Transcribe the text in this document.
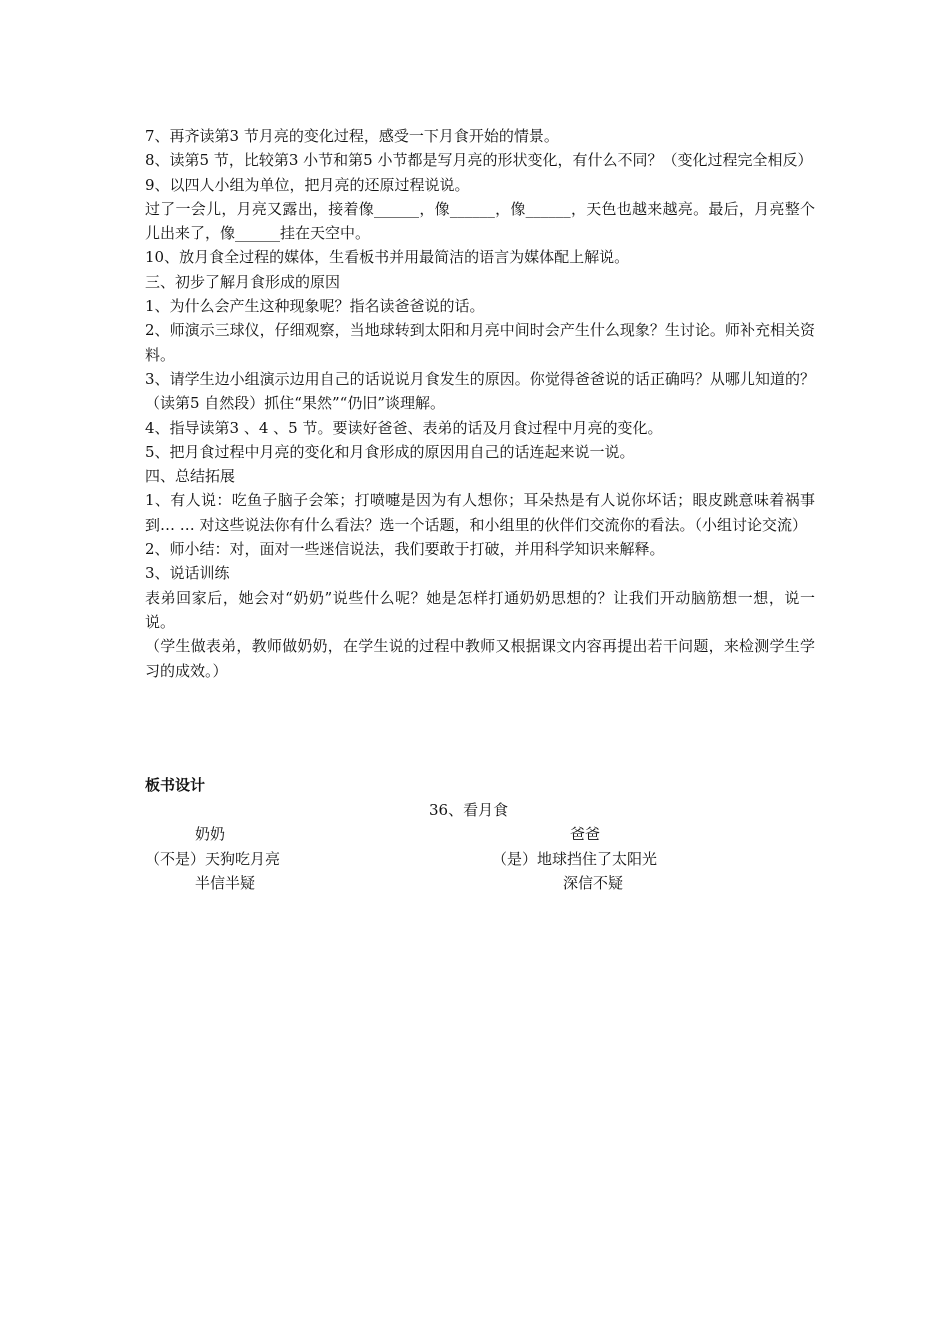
7、再齐读第3 节月亮的变化过程，感受一下月食开始的情景。

8、读第5 节，比较第3 小节和第5 小节都是写月亮的形状变化，有什么不同？（变化过程完全相反）

9、以四人小组为单位，把月亮的还原过程说说。

过了一会儿，月亮又露出，接着像______，像______，像______，天色也越来越亮。最后，月亮整个儿出来了，像______挂在天空中。

10、放月食全过程的媒体，生看板书并用最简洁的语言为媒体配上解说。

三、初步了解月食形成的原因

1、为什么会产生这种现象呢？指名读爸爸说的话。

2、师演示三球仪，仔细观察，当地球转到太阳和月亮中间时会产生什么现象？生讨论。师补充相关资料。

3、请学生边小组演示边用自己的话说说月食发生的原因。你觉得爸爸说的话正确吗？从哪儿知道的？（读第5 自然段）抓住“果然”“仍旧”谈理解。

4、指导读第3 、4 、5 节。要读好爸爸、表弟的话及月食过程中月亮的变化。

5、把月食过程中月亮的变化和月食形成的原因用自己的话连起来说一说。

四、总结拓展

1、有人说：吃鱼子脑子会笨；打喷嚏是因为有人想你；耳朵热是有人说你坏话；眼皮跳意味着祸事到… … 对这些说法你有什么看法？选一个话题，和小组里的伙伴们交流你的看法。（小组讨论交流）

2、师小结：对，面对一些迷信说法，我们要敢于打破，并用科学知识来解释。

3、说话训练

表弟回家后，她会对“奶奶”说些什么呢？她是怎样打通奶奶思想的？让我们开动脑筋想一想，说一说。

（学生做表弟，教师做奶奶，在学生说的过程中教师又根据课文内容再提出若干问题，来检测学生学习的成效。）

板书设计

36、看月食
奶奶	爸爸
（不是）天狗吃月亮	（是）地球挡住了太阳光
半信半疑	深信不疑
